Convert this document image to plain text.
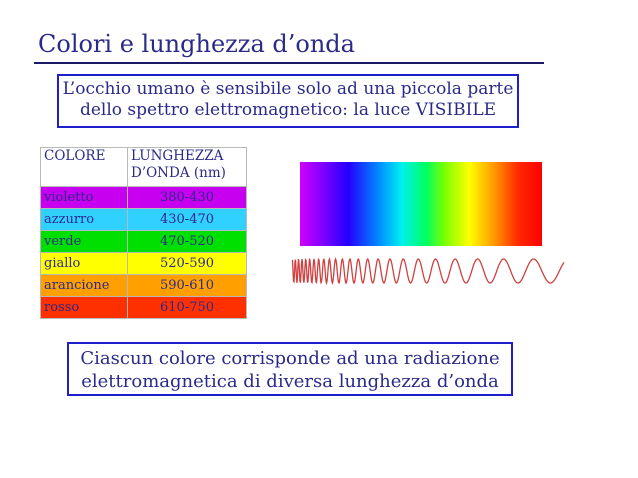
Colori e lunghezza d’onda
L’occhio umano è sensibile solo ad una piccola parte
dello spettro elettromagnetico: la luce VISIBILE
COLORE	LUNGHEZZA
D’ONDA (nm)

violetto	380-430
azzurro	430-470
verde	470-520
giallo	520-590
arancione	590-610
rosso	610-750
Ciascun colore corrisponde ad una radiazione
elettromagnetica di diversa lunghezza d’onda
